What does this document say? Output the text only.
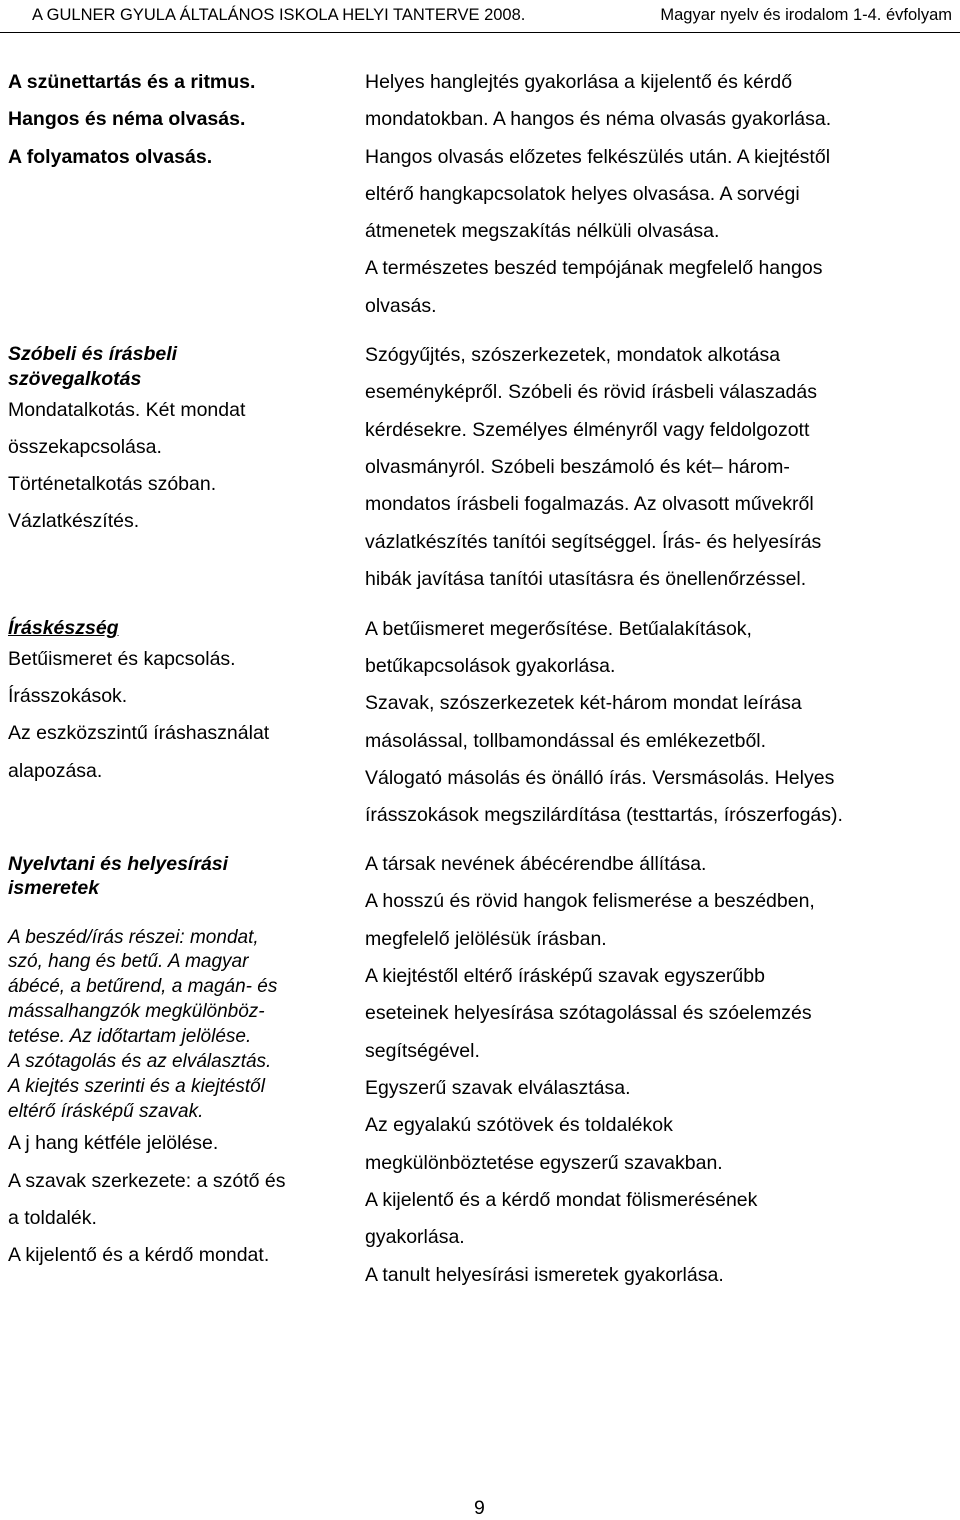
A GULNER GYULA ÁLTALÁNOS ISKOLA HELYI TANTERVE 2008.	Magyar nyelv és irodalom 1-4. évfolyam
A szünettartás és a ritmus.
Hangos és néma olvasás.
A folyamatos olvasás.
Szóbeli és írásbeli
szövegalkotás
Mondatalkotás. Két mondat
összekapcsolása.
Történetalkotás szóban.
Vázlatkészítés.
Íráskészség
Betűismeret és kapcsolás.
Írásszokások.
Az eszközszintű íráshasználat
alapozása.
Nyelvtani és helyesírási
ismeretek
A beszéd/írás részei: mondat,
szó, hang és betű. A magyar
ábécé, a betűrend, a magán- és
mássalhangzók megkülönböz-
tetése. Az időtartam jelölése.
A szótagolás és az elválasztás.
A kiejtés szerinti és a kiejtéstől
eltérő írásképű szavak.
A j hang kétféle jelölése.
A szavak szerkezete: a szótő és
a toldalék.
A kijelentő és a kérdő mondat.
Helyes hanglejtés gyakorlása a kijelentő és kérdő
mondatokban. A hangos és néma olvasás gyakorlása.
Hangos olvasás előzetes felkészülés után. A kiejtéstől
eltérő hangkapcsolatok helyes olvasása. A sorvégi
átmenetek megszakítás nélküli olvasása.
A természetes beszéd tempójának megfelelő hangos
olvasás.
Szógyűjtés, szószerkezetek, mondatok alkotása
eseményképről. Szóbeli és rövid írásbeli válaszadás
kérdésekre. Személyes élményről vagy feldolgozott
olvasmányról. Szóbeli beszámoló és két– három-
mondatos írásbeli fogalmazás. Az olvasott művekről
vázlatkészítés tanítói segítséggel. Írás- és helyesírás
hibák javítása tanítói utasításra és önellenőrzéssel.
A betűismeret megerősítése. Betűalakítások,
betűkapcsolások gyakorlása.
Szavak, szószerkezetek két-három mondat leírása
másolással, tollbamondással és emlékezetből.
Válogató másolás és önálló írás. Versmásolás. Helyes
írásszokások megszilárdítása (testtartás, írószerfogás).
A társak nevének ábécérendbe állítása.
A hosszú és rövid hangok felismerése a beszédben,
megfelelő jelölésük írásban.
A kiejtéstől eltérő írásképű szavak egyszerűbb
eseteinek helyesírása szótagolással és szóelemzés
segítségével.
Egyszerű szavak elválasztása.
Az egyalakú szótövek és toldalékok
megkülönböztetése egyszerű szavakban.
A kijelentő és a kérdő mondat fölismerésének
gyakorlása.
A tanult helyesírási ismeretek gyakorlása.
9
